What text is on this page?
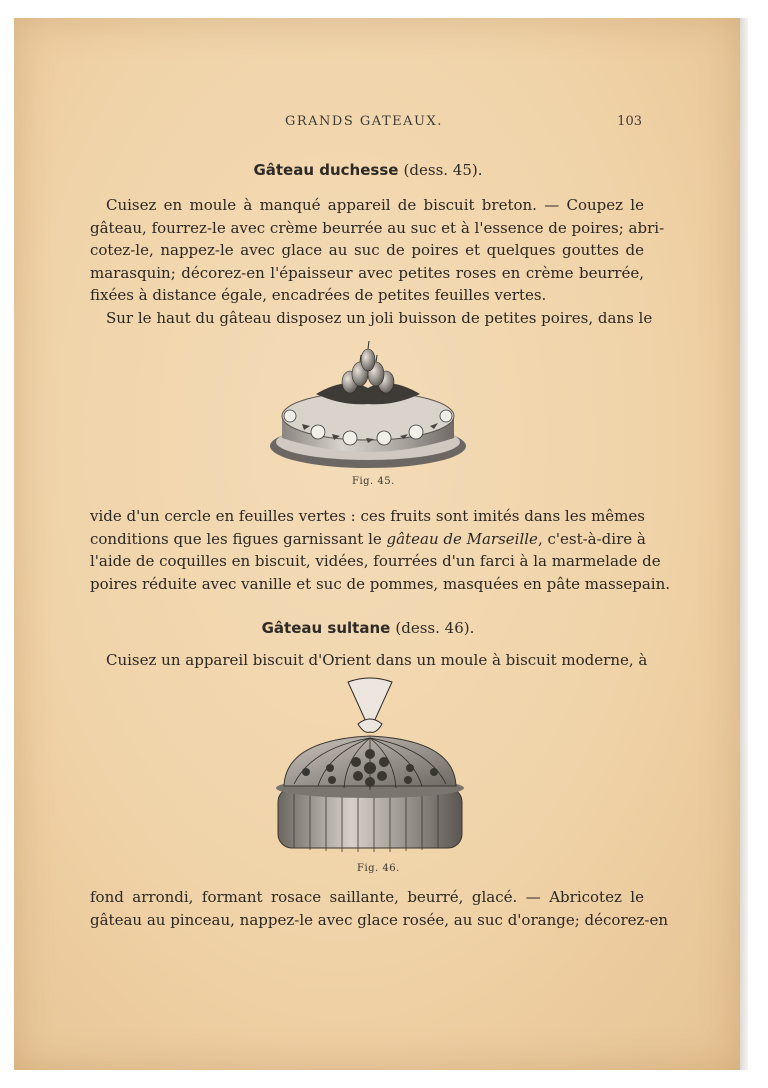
GRANDS GATEAUX.	103
Gâteau duchesse (dess. 45).
Cuisez en moule à manqué appareil de biscuit breton. — Coupez le
gâteau, fourrez-le avec crème beurrée au suc et à l'essence de poires; abri-
cotez-le, nappez-le avec glace au suc de poires et quelques gouttes de
marasquin; décorez-en l'épaisseur avec petites roses en crème beurrée,
fixées à distance égale, encadrées de petites feuilles vertes.
Sur le haut du gâteau disposez un joli buisson de petites poires, dans le
Fig. 45.
vide d'un cercle en feuilles vertes : ces fruits sont imités dans les mêmes
conditions que les figues garnissant le gâteau de Marseille, c'est-à-dire à
l'aide de coquilles en biscuit, vidées, fourrées d'un farci à la marmelade de
poires réduite avec vanille et suc de pommes, masquées en pâte massepain.
Gâteau sultane (dess. 46).
Cuisez un appareil biscuit d'Orient dans un moule à biscuit moderne, à
Fig. 46.
fond arrondi, formant rosace saillante, beurré, glacé. — Abricotez le
gâteau au pinceau, nappez-le avec glace rosée, au suc d'orange; décorez-en
